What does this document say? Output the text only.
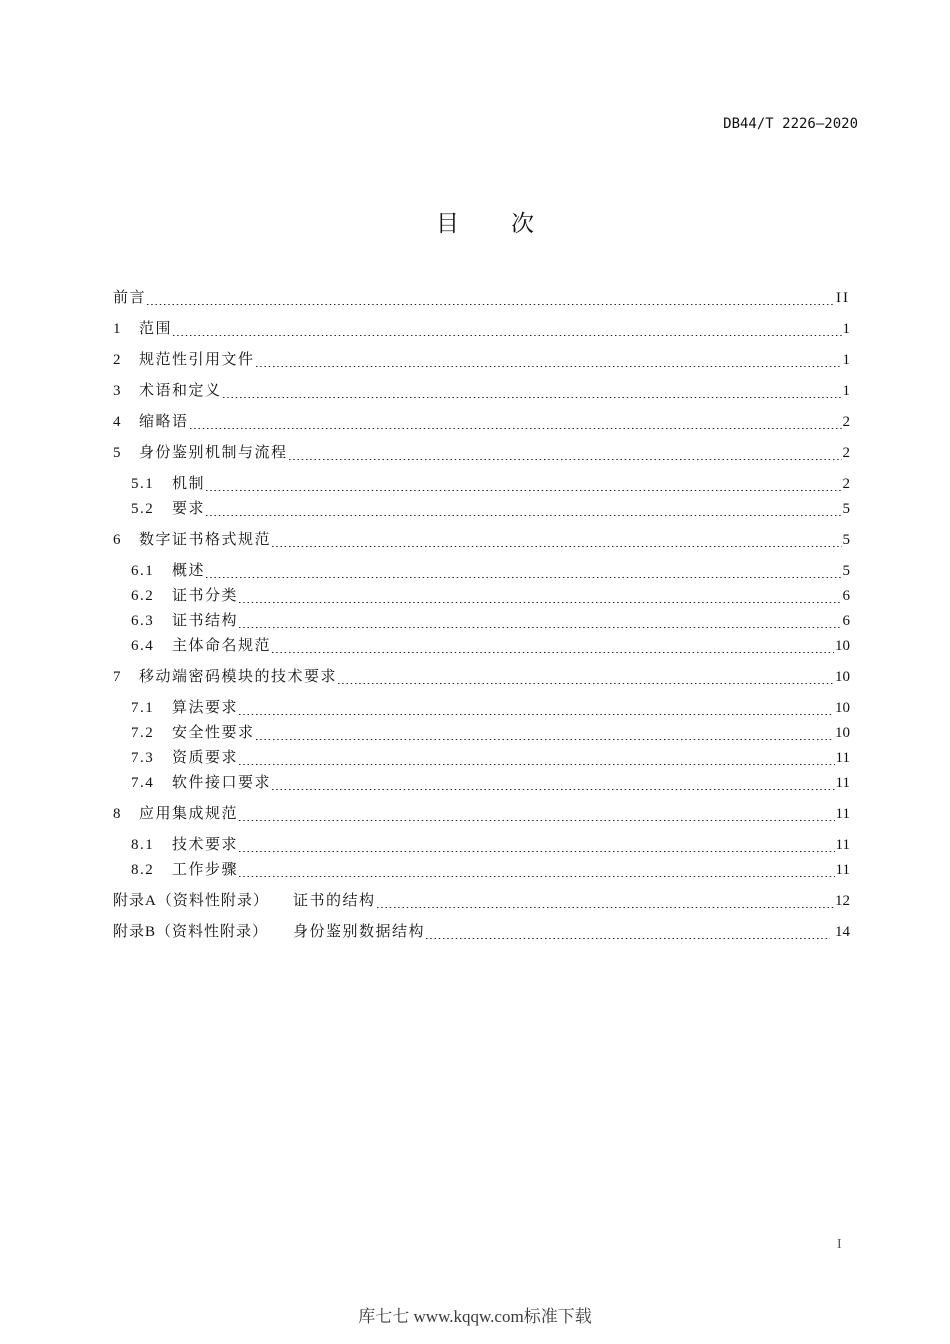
DB44/T 2226—2020
目次
前言	II
1	范围	1
2	规范性引用文件	1
3	术语和定义	1
4	缩略语	2
5	身份鉴别机制与流程	2
5.1	机制	2
5.2	要求	5
6	数字证书格式规范	5
6.1	概述	5
6.2	证书分类	6
6.3	证书结构	6
6.4	主体命名规范	10
7	移动端密码模块的技术要求	10
7.1	算法要求	10
7.2	安全性要求	10
7.3	资质要求	11
7.4	软件接口要求	11
8	应用集成规范	11
8.1	技术要求	11
8.2	工作步骤	11
附录A（资料性附录）	证书的结构	12
附录B（资料性附录）	身份鉴别数据结构	14
I
库七七 www.kqqw.com标准下载
